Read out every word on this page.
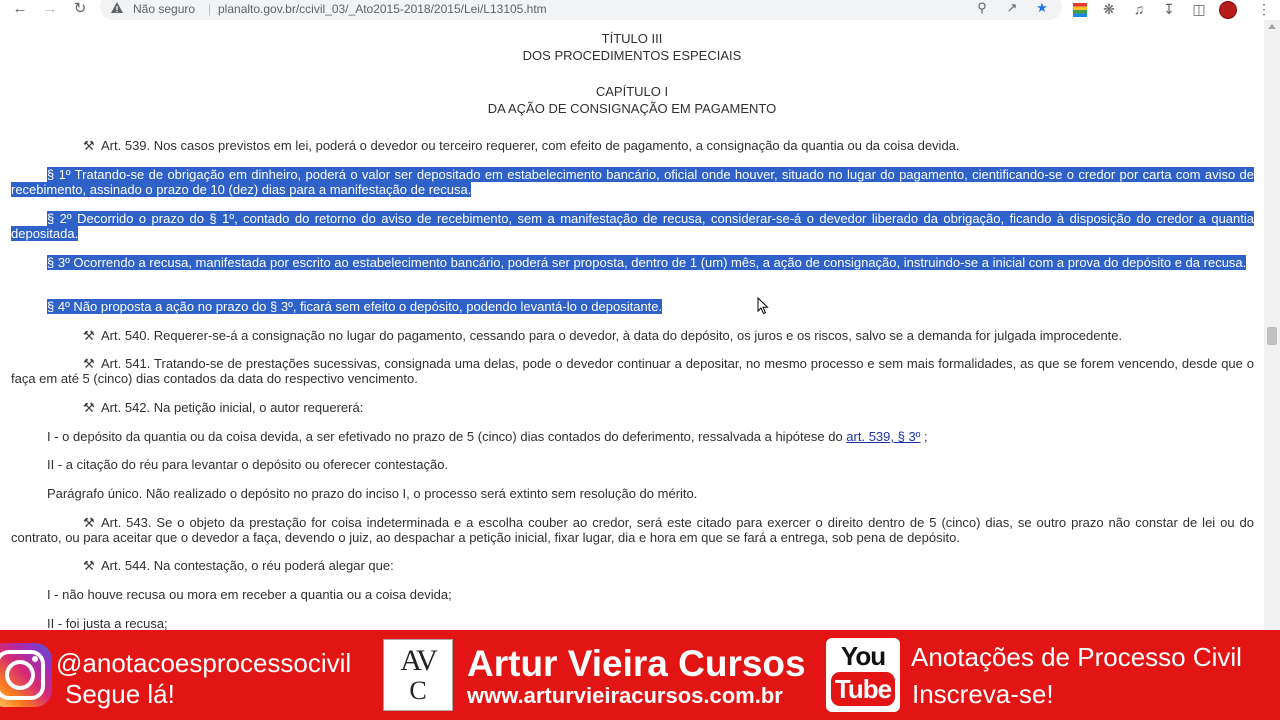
← → ↻	Não seguro | planalto.gov.br/ccivil_03/_Ato2015-2018/2015/Lei/L13105.htm	⚲	↗ ★	❋	♫	↧ ◫	⋮
TÍTULO III
DOS PROCEDIMENTOS ESPECIAIS
CAPÍTULO I
DA AÇÃO DE CONSIGNAÇÃO EM PAGAMENTO
⚒ Art. 539. Nos casos previstos em lei, poderá o devedor ou terceiro requerer, com efeito de pagamento, a consignação da quantia ou da coisa devida.
§ 1º Tratando-se de obrigação em dinheiro, poderá o valor ser depositado em estabelecimento bancário, oficial onde houver, situado no lugar do pagamento, cientificando-se o credor por carta com aviso de recebimento, assinado o prazo de 10 (dez) dias para a manifestação de recusa.
§ 2º Decorrido o prazo do § 1º, contado do retorno do aviso de recebimento, sem a manifestação de recusa, considerar-se-á o devedor liberado da obrigação, ficando à disposição do credor a quantia depositada.
§ 3º Ocorrendo a recusa, manifestada por escrito ao estabelecimento bancário, poderá ser proposta, dentro de 1 (um) mês, a ação de consignação, instruindo-se a inicial com a prova do depósito e da recusa.
§ 4º Não proposta a ação no prazo do § 3º, ficará sem efeito o depósito, podendo levantá-lo o depositante.
⚒ Art. 540. Requerer-se-á a consignação no lugar do pagamento, cessando para o devedor, à data do depósito, os juros e os riscos, salvo se a demanda for julgada improcedente.
⚒ Art. 541. Tratando-se de prestações sucessivas, consignada uma delas, pode o devedor continuar a depositar, no mesmo processo e sem mais formalidades, as que se forem vencendo, desde que o faça em até 5 (cinco) dias contados da data do respectivo vencimento.
⚒ Art. 542. Na petição inicial, o autor requererá:
I - o depósito da quantia ou da coisa devida, a ser efetivado no prazo de 5 (cinco) dias contados do deferimento, ressalvada a hipótese do art. 539, § 3º ;
II - a citação do réu para levantar o depósito ou oferecer contestação.
Parágrafo único. Não realizado o depósito no prazo do inciso I, o processo será extinto sem resolução do mérito.
⚒ Art. 543. Se o objeto da prestação for coisa indeterminada e a escolha couber ao credor, será este citado para exercer o direito dentro de 5 (cinco) dias, se outro prazo não constar de lei ou do contrato, ou para aceitar que o devedor a faça, devendo o juiz, ao despachar a petição inicial, fixar lugar, dia e hora em que se fará a entrega, sob pena de depósito.
⚒ Art. 544. Na contestação, o réu poderá alegar que:
I - não houve recusa ou mora em receber a quantia ou a coisa devida;
II - foi justa a recusa;
@anotacoesprocessocivil
Segue lá!
AV
C
Artur Vieira Cursos
www.arturvieiracursos.com.br
You
Tube
Anotações de Processo Civil
Inscreva-se!
